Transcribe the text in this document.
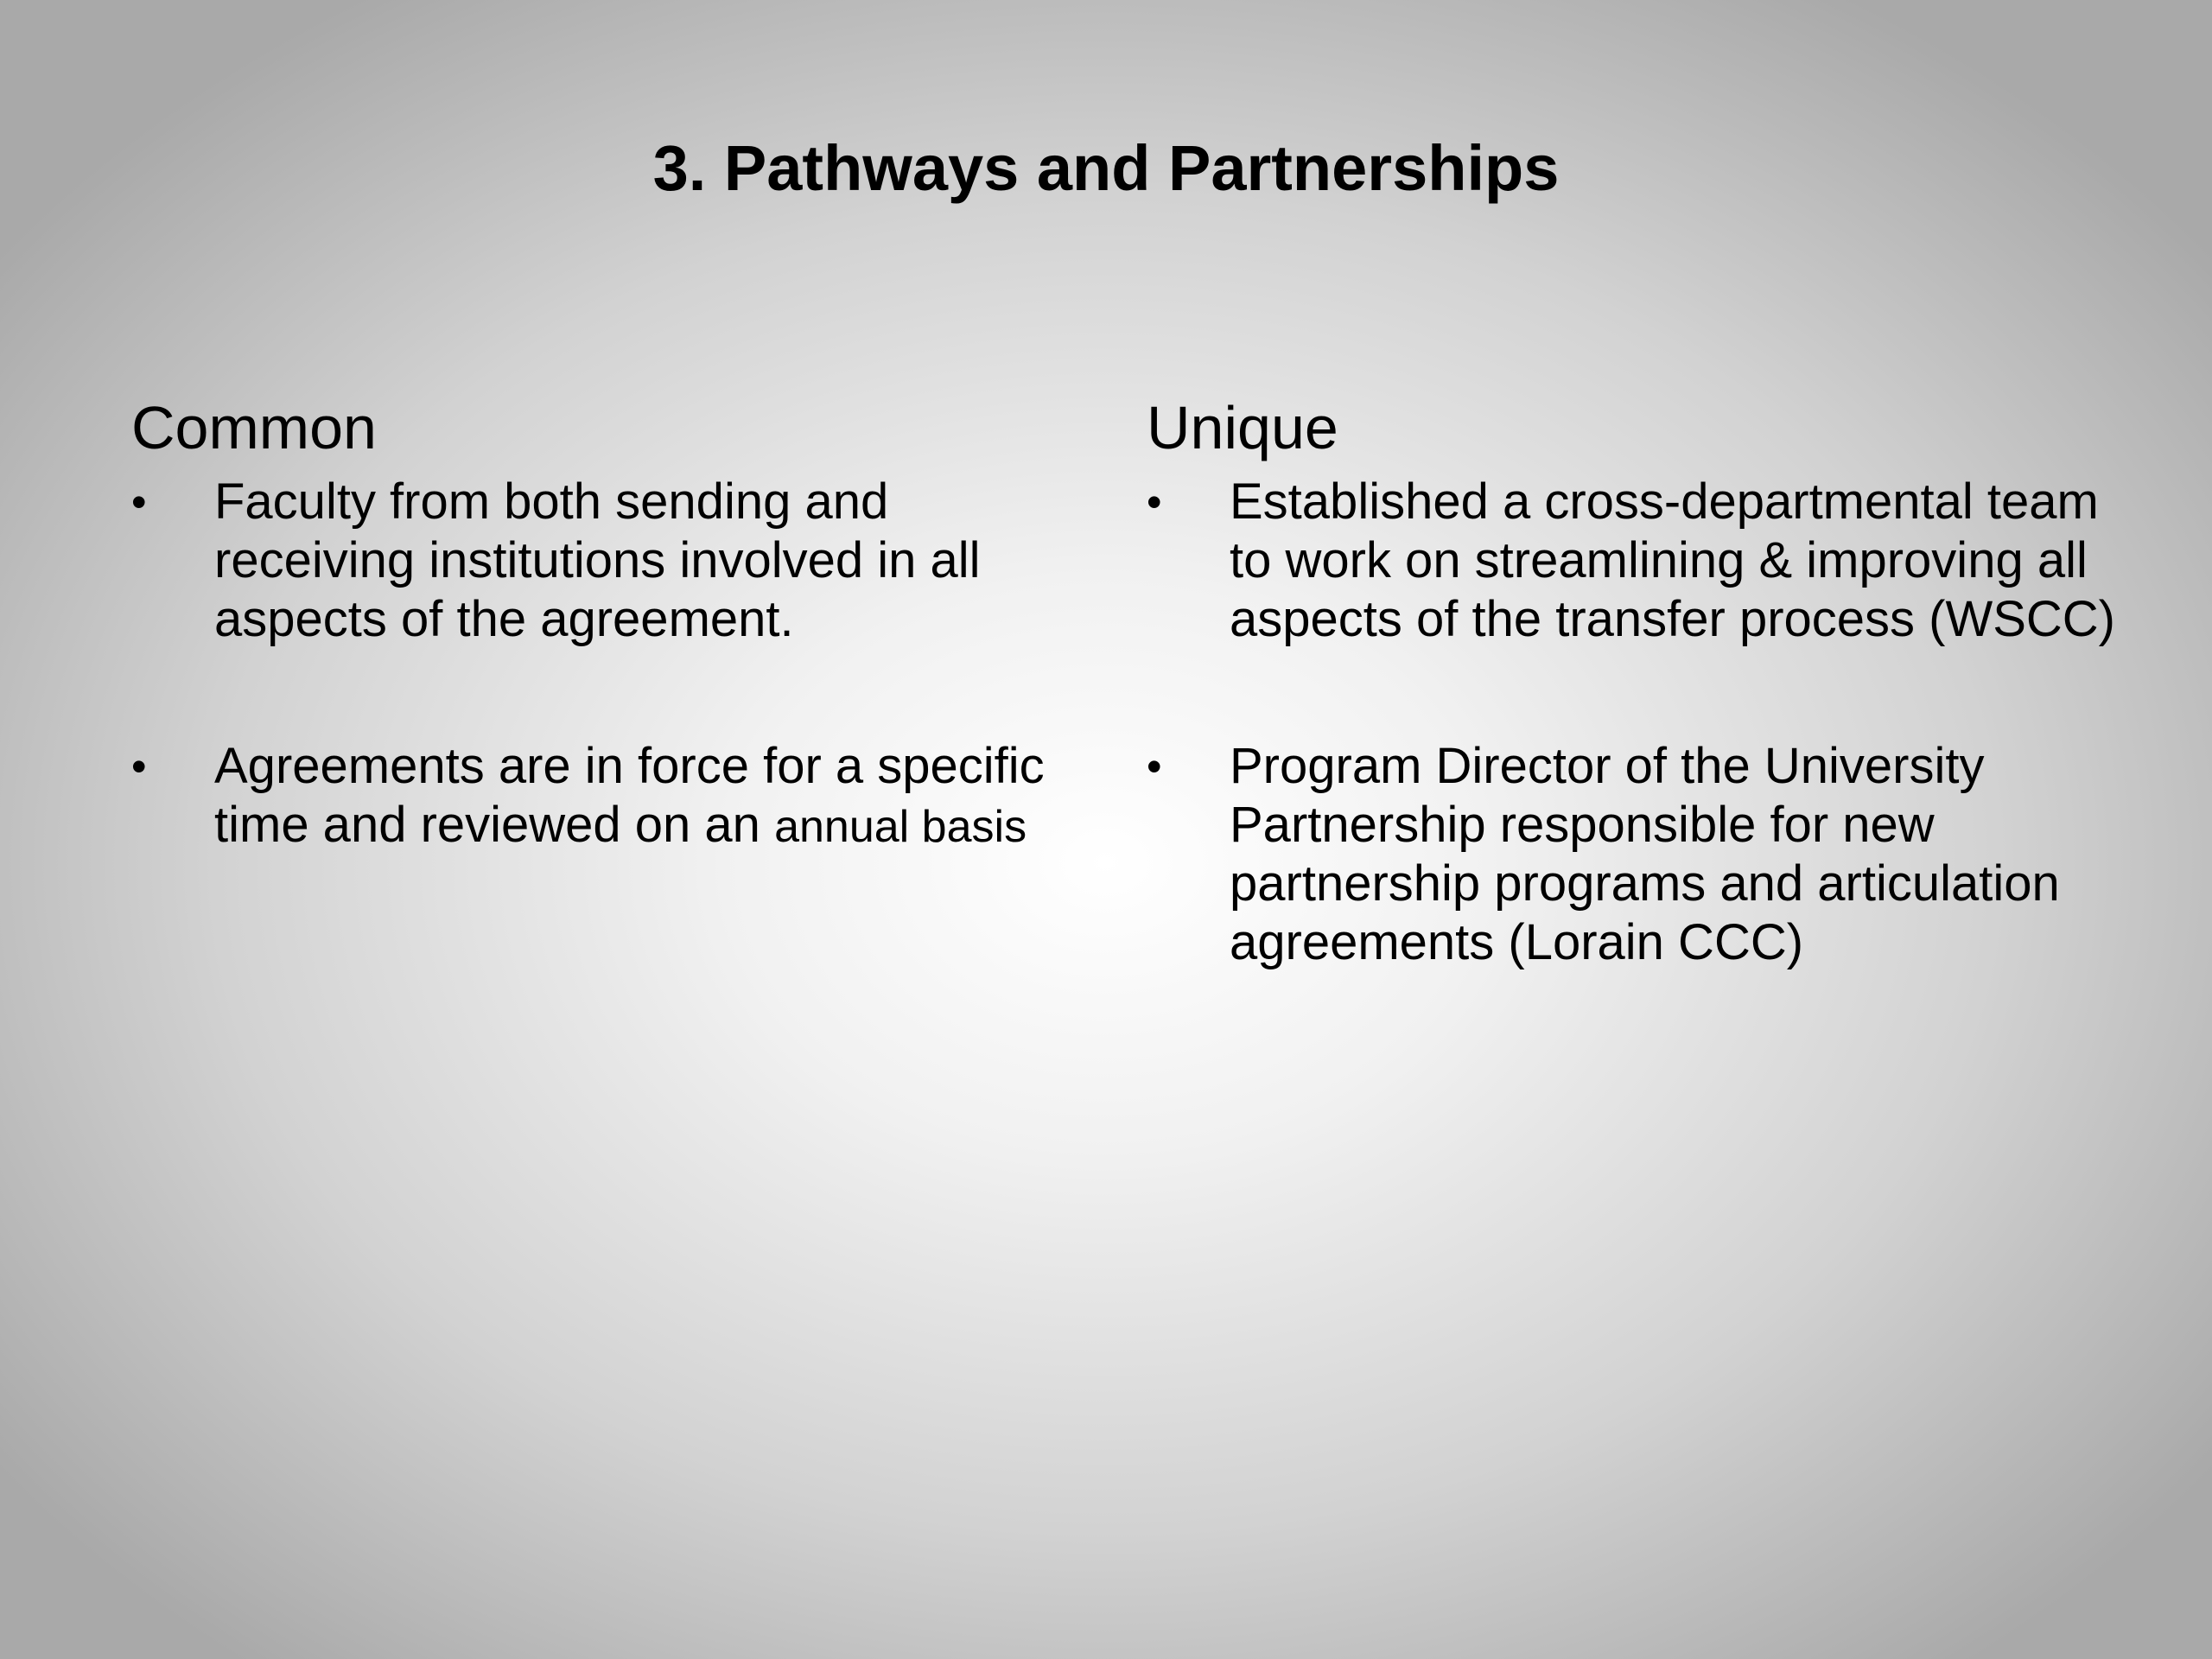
3. Pathways and Partnerships
Common
• Faculty from both sending and receiving institutions involved in all aspects of the agreement.
• Agreements are in force for a specific time and reviewed on an annual basis
Unique
• Established a cross-departmental team to work on streamlining & improving all aspects of the transfer process (WSCC)
• Program Director of the University Partnership responsible for new partnership programs and articulation agreements (Lorain CCC)
